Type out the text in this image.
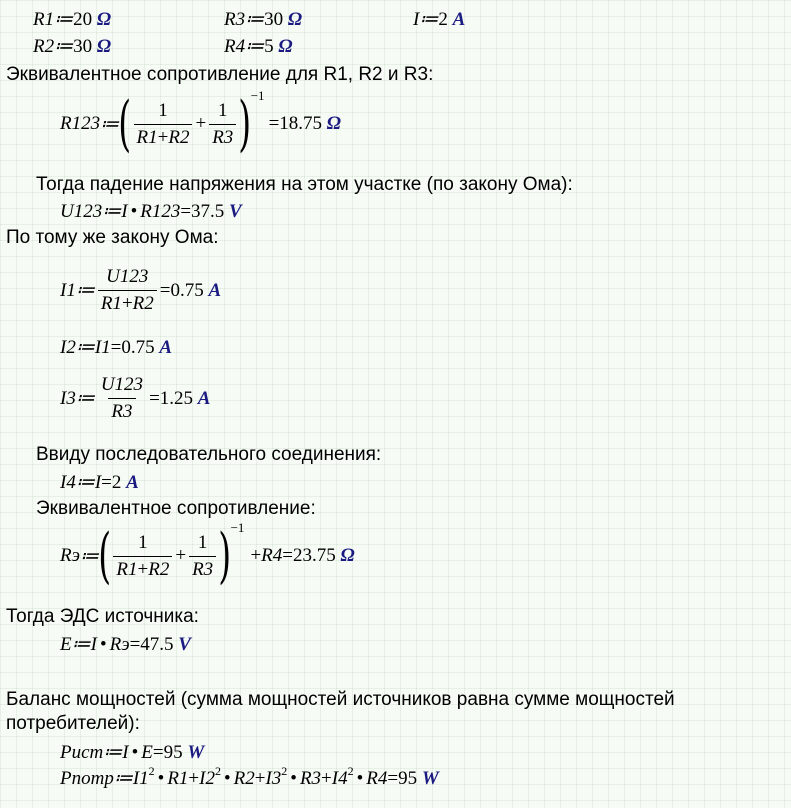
R1≔20 Ω	R3≔30 Ω	I≔2 A
R2≔30 Ω	R4≔5 Ω
Эквивалентное сопротивление для R1, R2 и R3:
R123 ≔ ( $\frac{1}{R1+R2} + \frac{1}{R3}$ ) −1
= 18.75
Ω
Тогда падение напряжения на этом участке (по закону Ома):
U123≔I • R123=37.5 V
По тому же закону Ома:
I1 ≔ $\frac{U123}{R1+R2} = 0.75$
A
I2≔I1=0.75 A
I3 ≔ $\frac{U123}{R3} = 1.25$
A
Ввиду последовательного соединения:
I4≔I=2 A
Эквивалентное сопротивление:
Rэ ≔ ( $\frac{1}{R1+R2} + \frac{1}{R3}$ ) −1
+ R4 = 23.75
Ω
Тогда ЭДС источника:
E≔I • Rэ=47.5 V
Баланс мощностей (сумма мощностей источников равна сумме мощностей
потребителей):
Pист≔I • E=95 W
$Pпотр≔I1^2$ • $R1+I2^2$ • $R2+I3^2$ • $R3+I4^2$ • R4=95 W
